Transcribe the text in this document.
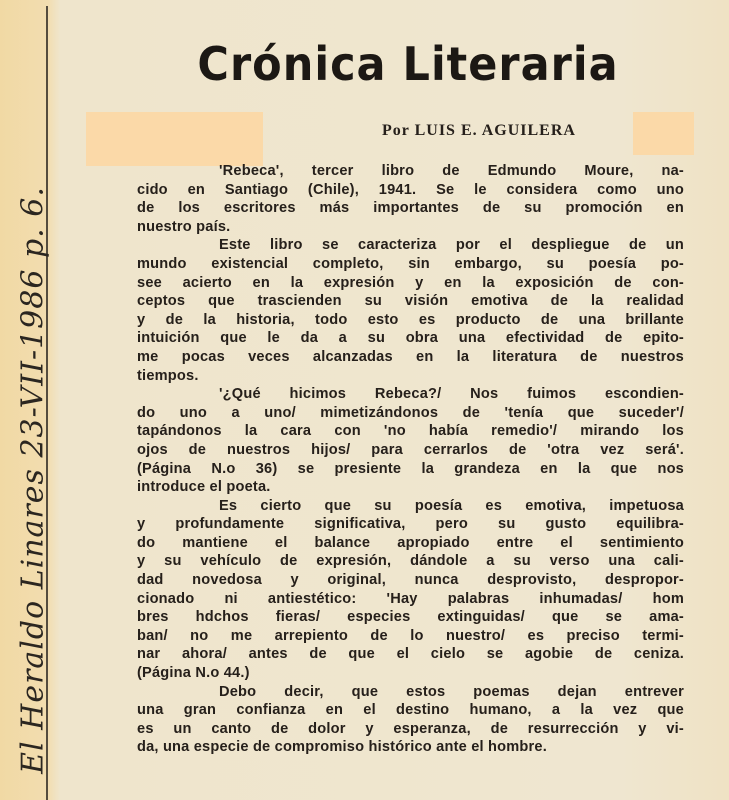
El Heraldo Linares 23-VII-1986 p. 6.
Crónica Literaria
Por LUIS E. AGUILERA
'Rebeca', tercer libro de Edmundo Moure, na-
cido en Santiago (Chile), 1941. Se le considera como uno
de los escritores más importantes de su promoción en
nuestro país.
Este libro se caracteriza por el despliegue de un
mundo existencial completo, sin embargo, su poesía po-
see acierto en la expresión y en la exposición de con-
ceptos que trascienden su visión emotiva de la realidad
y de la historia, todo esto es producto de una brillante
intuición que le da a su obra una efectividad de epito-
me pocas veces alcanzadas en la literatura de nuestros
tiempos.
'¿Qué hicimos Rebeca?/ Nos fuimos escondien-
do uno a uno/ mimetizándonos de 'tenía que suceder'/
tapándonos la cara con 'no había remedio'/ mirando los
ojos de nuestros hijos/ para cerrarlos de 'otra vez será'.
(Página N.o 36) se presiente la grandeza en la que nos
introduce el poeta.
Es cierto que su poesía es emotiva, impetuosa
y profundamente significativa, pero su gusto equilibra-
do mantiene el balance apropiado entre el sentimiento
y su vehículo de expresión, dándole a su verso una cali-
dad novedosa y original, nunca desprovisto, despropor-
cionado ni antiestético: 'Hay palabras inhumadas/ hom
bres hdchos fieras/ especies extinguidas/ que se ama-
ban/ no me arrepiento de lo nuestro/ es preciso termi-
nar ahora/ antes de que el cielo se agobie de ceniza.
(Página N.o 44.)
Debo decir, que estos poemas dejan entrever
una gran confianza en el destino humano, a la vez que
es un canto de dolor y esperanza, de resurrección y vi-
da, una especie de compromiso histórico ante el hombre.
